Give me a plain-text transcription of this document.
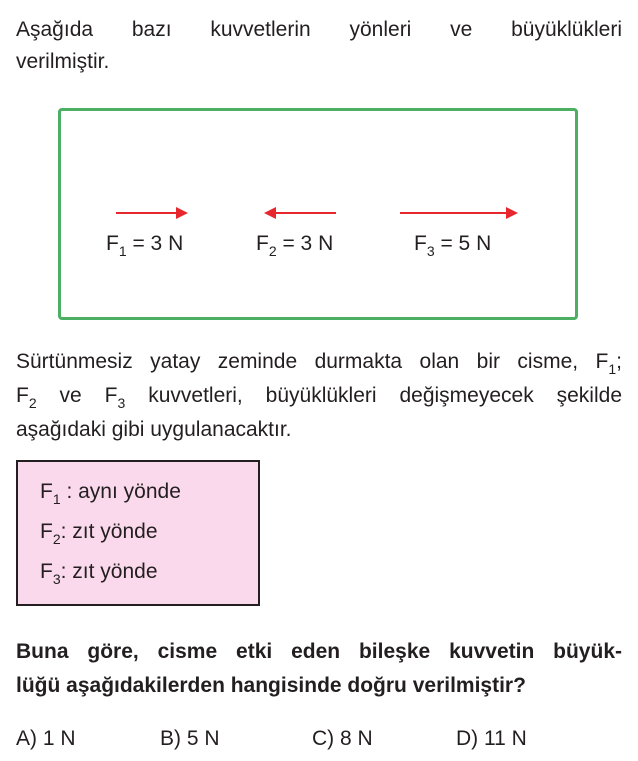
Aşağıda bazı kuvvetlerin yönleri ve büyüklükleri
verilmiştir.
$F_1 = 3$ N	$F_2 = 3$ N	$F_3 = 5$ N
Sürtünmesiz yatay zeminde durmakta olan bir cisme, $F_1$;
$F_2$ ve $F_3$ kuvvetleri, büyüklükleri değişmeyecek şekilde
aşağıdaki gibi uygulanacaktır.
$F_1$ : aynı yönde
$F_2$: zıt yönde
$F_3$: zıt yönde
Buna göre, cisme etki eden bileşke kuvvetin büyük-
lüğü aşağıdakilerden hangisinde doğru verilmiştir?
A) 1 N	B) 5 N	C) 8 N	D) 11 N
